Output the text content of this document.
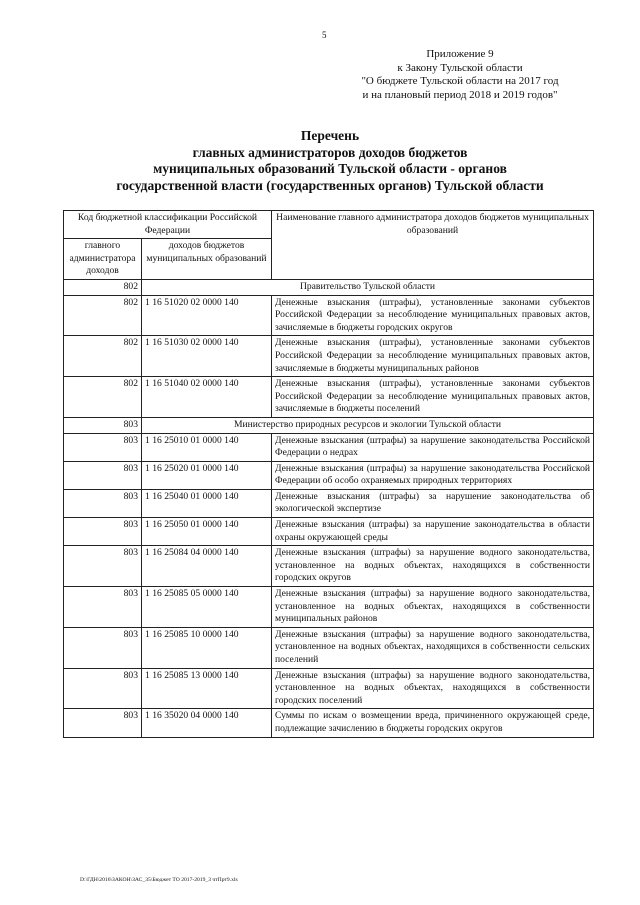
5
Приложение 9
к Закону Тульской области
"О бюджете Тульской области на 2017 год
и на плановый период 2018 и 2019 годов"
Перечень
главных администраторов доходов бюджетов
муниципальных образований Тульской области - органов
государственной власти (государственных органов) Тульской области
Код бюджетной классификации Российской Федерации		Наименование главного администратора доходов бюджетов муниципальных образований
главного администратора доходов	доходов бюджетов муниципальных образований	
802	Правительство Тульской области	
802	1 16 51020 02 0000 140	Денежные взыскания (штрафы), установленные законами субъектов Российской Федерации за несоблюдение муниципальных правовых актов, зачисляемые в бюджеты городских округов
802	1 16 51030 02 0000 140	Денежные взыскания (штрафы), установленные законами субъектов Российской Федерации за несоблюдение муниципальных правовых актов, зачисляемые в бюджеты муниципальных районов
802	1 16 51040 02 0000 140	Денежные взыскания (штрафы), установленные законами субъектов Российской Федерации за несоблюдение муниципальных правовых актов, зачисляемые в бюджеты поселений
803	Министерство природных ресурсов и экологии Тульской области	
803	1 16 25010 01 0000 140	Денежные взыскания (штрафы) за нарушение законодательства Российской Федерации о недрах
803	1 16 25020 01 0000 140	Денежные взыскания (штрафы) за нарушение законодательства Российской Федерации об особо охраняемых природных территориях
803	1 16 25040 01 0000 140	Денежные взыскания (штрафы) за нарушение законодательства об экологической экспертизе
803	1 16 25050 01 0000 140	Денежные взыскания (штрафы) за нарушение законодательства в области охраны окружающей среды
803	1 16 25084 04 0000 140	Денежные взыскания (штрафы) за нарушение водного законодательства, установленное на водных объектах, находящихся в собственности городских округов
803	1 16 25085 05 0000 140	Денежные взыскания (штрафы) за нарушение водного законодательства, установленное на водных объектах, находящихся в собственности муниципальных районов
803	1 16 25085 10 0000 140	Денежные взыскания (штрафы) за нарушение водного законодательства, установленное на водных объектах, находящихся в собственности сельских поселений
803	1 16 25085 13 0000 140	Денежные взыскания (штрафы) за нарушение водного законодательства, установленное на водных объектах, находящихся в собственности городских поселений
803	1 16 35020 04 0000 140	Суммы по искам о возмещении вреда, причиненного окружающей среде, подлежащие зачислению в бюджеты городских округов
D:\ГДН\2016\ЗАКОН\ЗАС_35\Бюджет ТО 2017-2019_3 чтПрт9.xls
